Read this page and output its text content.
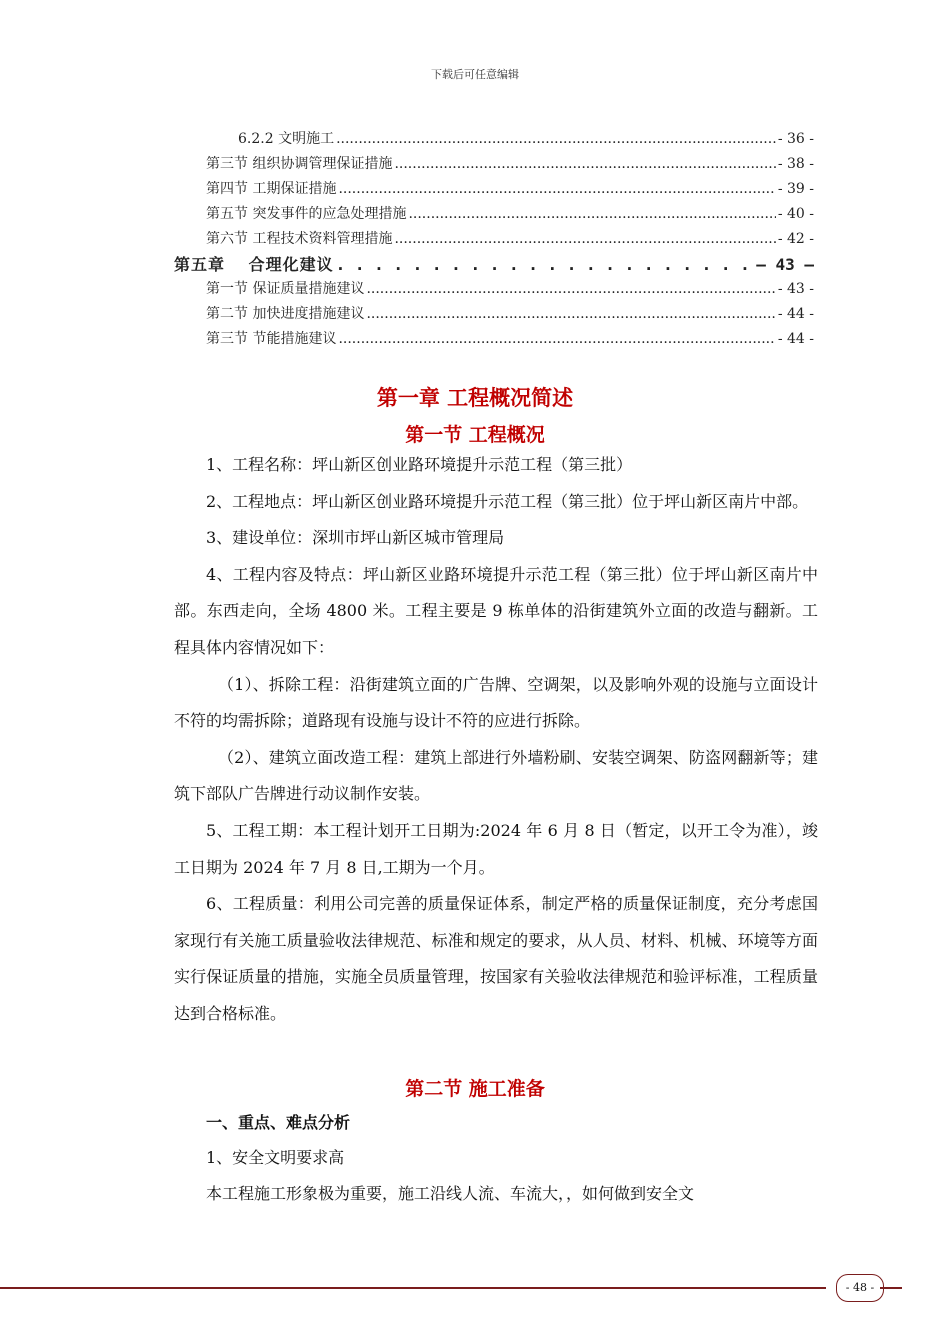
下载后可任意编辑
6.2.2 文明施工 .....	- 36 -
第三节 组织协调管理保证措施 .....	- 38 -
第四节 工期保证措施 .....	- 39 -
第五节 突发事件的应急处理措施 .....	- 40 -
第六节 工程技术资料管理措施 .....	- 42 -
第五章　 合理化建议 . . .	– 43 –
第一节 保证质量措施建议 .....	- 43 -
第二节 加快进度措施建议 .....	- 44 -
第三节 节能措施建议 .....	- 44 -
第一章 工程概况简述
第一节 工程概况

1、工程名称：坪山新区创业路环境提升示范工程（第三批）

2、工程地点：坪山新区创业路环境提升示范工程（第三批）位于坪山新区南片中部。

3、建设单位：深圳市坪山新区城市管理局

4、工程内容及特点：坪山新区业路环境提升示范工程（第三批）位于坪山新区南片中部。东西走向，全场 4800 米。工程主要是 9 栋单体的沿街建筑外立面的改造与翻新。工程具体内容情况如下：

（1）、拆除工程：沿街建筑立面的广告牌、空调架，以及影响外观的设施与立面设计不符的均需拆除；道路现有设施与设计不符的应进行拆除。

（2）、建筑立面改造工程：建筑上部进行外墙粉刷、安装空调架、防盗网翻新等；建筑下部队广告牌进行动议制作安装。

5、工程工期：本工程计划开工日期为:2024 年 6 月 8 日（暂定，以开工令为准），竣工日期为 2024 年 7 月 8 日,工期为一个月。

6、工程质量：利用公司完善的质量保证体系，制定严格的质量保证制度，充分考虑国家现行有关施工质量验收法律规范、标准和规定的要求，从人员、材料、机械、环境等方面实行保证质量的措施，实施全员质量管理，按国家有关验收法律规范和验评标准，工程质量达到合格标准。

第二节 施工准备
一、重点、难点分析
1、安全文明要求高
本工程施工形象极为重要，施工沿线人流、车流大，，如何做到安全文
- 48 -
